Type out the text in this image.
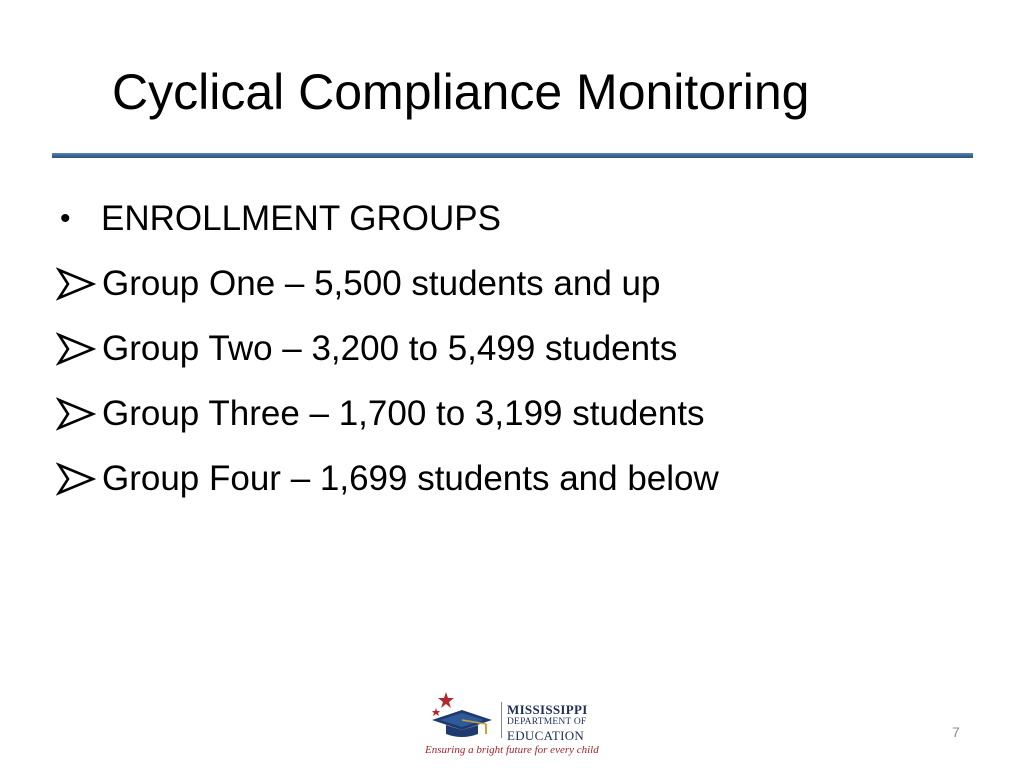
Cyclical Compliance Monitoring
• ENROLLMENT GROUPS
Group One – 5,500 students and up
Group Two – 3,200 to 5,499 students
Group Three – 1,700 to 3,199 students
Group Four – 1,699 students and below
MISSISSIPPI
DEPARTMENT OF
EDUCATION
Ensuring a bright future for every child
7
